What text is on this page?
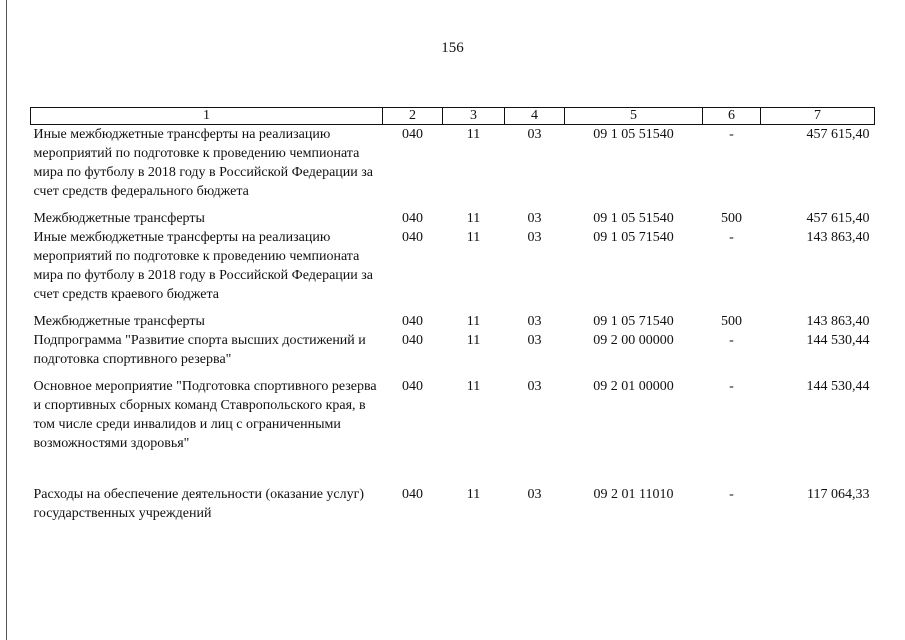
156
1	2	3	4	5	6	7
Иные межбюджетные трансферты на реализацию мероприятий по подготовке к проведению чемпионата мира по футболу в 2018 году в Российской Федерации за счет средств федерального бюджета	040	11	03	09 1 05 51540	-	457 615,40
Межбюджетные трансферты	040	11	03	09 1 05 51540	500	457 615,40
Иные межбюджетные трансферты на реализацию мероприятий по подготовке к проведению чемпионата мира по футболу в 2018 году в Российской Федерации за счет средств краевого бюджета	040	11	03	09 1 05 71540	-	143 863,40
Межбюджетные трансферты	040	11	03	09 1 05 71540	500	143 863,40
Подпрограмма "Развитие спорта высших достижений и подготовка спортивного резерва"	040	11	03	09 2 00 00000	-	144 530,44
Основное мероприятие "Подготовка спортивного резерва и спортивных сборных команд Ставропольского края, в том числе среди инвалидов и лиц с ограниченными возможностями здоровья"	040	11	03	09 2 01 00000	-	144 530,44
Расходы на обеспечение деятельности (оказание услуг) государственных учреждений	040	11	03	09 2 01 11010	-	117 064,33
